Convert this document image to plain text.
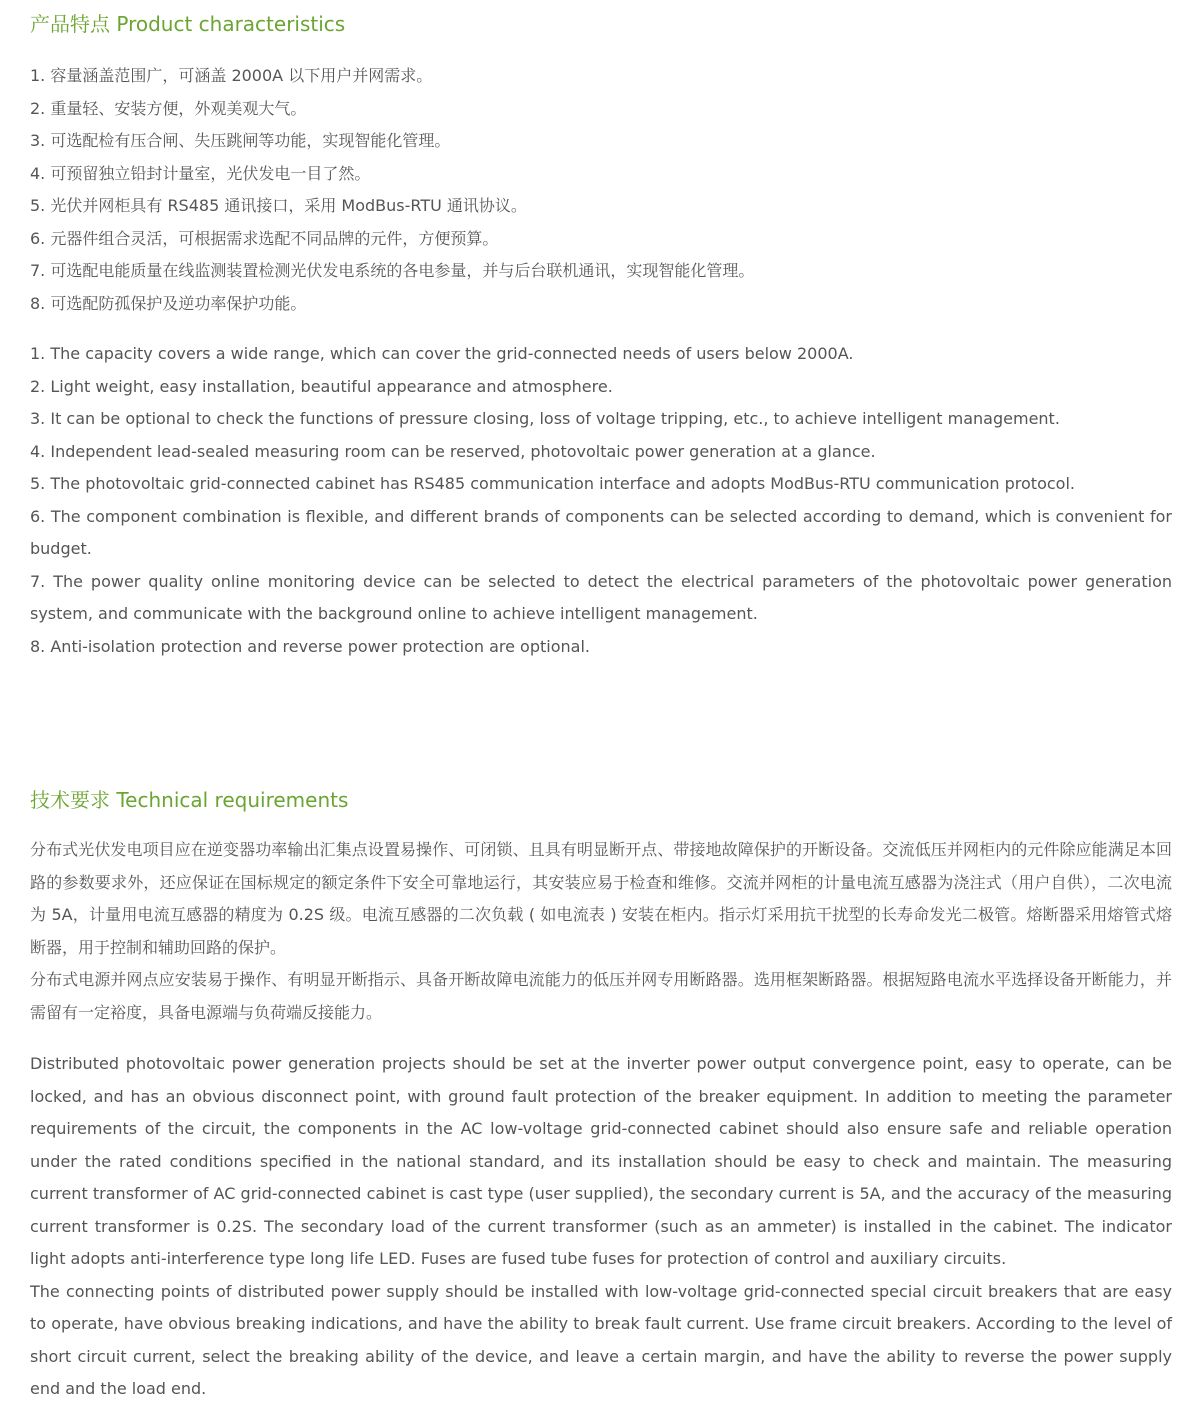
产品特点 Product characteristics
1. 容量涵盖范围广，可涵盖 2000A 以下用户并网需求。
2. 重量轻、安装方便，外观美观大气。
3. 可选配检有压合闸、失压跳闸等功能，实现智能化管理。
4. 可预留独立铅封计量室，光伏发电一目了然。
5. 光伏并网柜具有 RS485 通讯接口，采用 ModBus-RTU 通讯协议。
6. 元器件组合灵活，可根据需求选配不同品牌的元件，方便预算。
7. 可选配电能质量在线监测装置检测光伏发电系统的各电参量，并与后台联机通讯，实现智能化管理。
8. 可选配防孤保护及逆功率保护功能。
1. The capacity covers a wide range, which can cover the grid-connected needs of users below 2000A.
2. Light weight, easy installation, beautiful appearance and atmosphere.
3. It can be optional to check the functions of pressure closing, loss of voltage tripping, etc., to achieve intelligent management.
4. Independent lead-sealed measuring room can be reserved, photovoltaic power generation at a glance.
5. The photovoltaic grid-connected cabinet has RS485 communication interface and adopts ModBus-RTU communication protocol.
6. The component combination is flexible, and different brands of components can be selected according to demand, which is convenient for budget.
7. The power quality online monitoring device can be selected to detect the electrical parameters of the photovoltaic power generation system, and communicate with the background online to achieve intelligent management.
8. Anti-isolation protection and reverse power protection are optional.
技术要求 Technical requirements

分布式光伏发电项目应在逆变器功率输出汇集点设置易操作、可闭锁、且具有明显断开点、带接地故障保护的开断设备。交流低压并网柜内的元件除应能满足本回路的参数要求外，还应保证在国标规定的额定条件下安全可靠地运行，其安装应易于检查和维修。交流并网柜的计量电流互感器为浇注式（用户自供），二次电流为 5A，计量用电流互感器的精度为 0.2S 级。电流互感器的二次负载 ( 如电流表 ) 安装在柜内。指示灯采用抗干扰型的长寿命发光二极管。熔断器采用熔管式熔断器，用于控制和辅助回路的保护。

分布式电源并网点应安装易于操作、有明显开断指示、具备开断故障电流能力的低压并网专用断路器。选用框架断路器。根据短路电流水平选择设备开断能力，并需留有一定裕度，具备电源端与负荷端反接能力。

Distributed photovoltaic power generation projects should be set at the inverter power output convergence point, easy to operate, can be locked, and has an obvious disconnect point, with ground fault protection of the breaker equipment. In addition to meeting the parameter requirements of the circuit, the components in the AC low-voltage grid-connected cabinet should also ensure safe and reliable operation under the rated conditions specified in the national standard, and its installation should be easy to check and maintain. The measuring current transformer of AC grid-connected cabinet is cast type (user supplied), the secondary current is 5A, and the accuracy of the measuring current transformer is 0.2S. The secondary load of the current transformer (such as an ammeter) is installed in the cabinet. The indicator light adopts anti-interference type long life LED. Fuses are fused tube fuses for protection of control and auxiliary circuits.

The connecting points of distributed power supply should be installed with low-voltage grid-connected special circuit breakers that are easy to operate, have obvious breaking indications, and have the ability to break fault current. Use frame circuit breakers. According to the level of short circuit current, select the breaking ability of the device, and leave a certain margin, and have the ability to reverse the power supply end and the load end.
